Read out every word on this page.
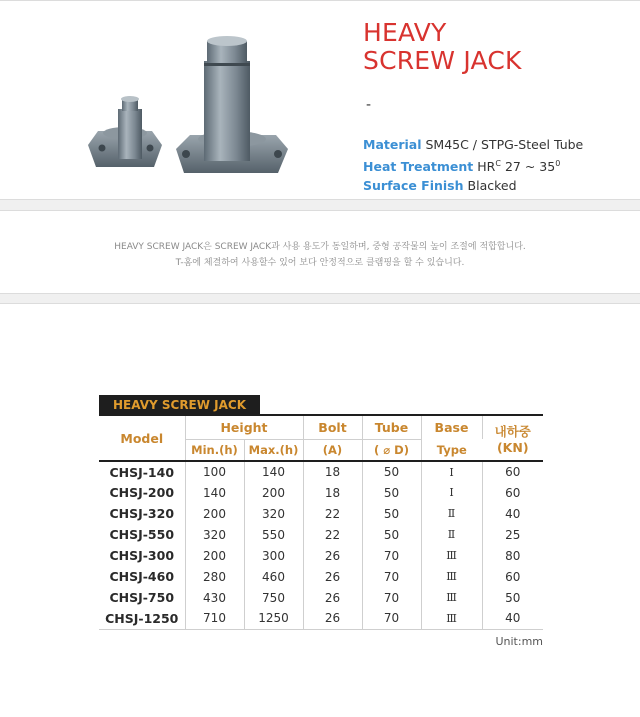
HEAVY
SCREW JACK
-
Material SM45C / STPG-Steel Tube
Heat Treatment $HR^C$ 27 ~ $35^0$
Surface Finish Blacked
HEAVY SCREW JACK은 SCREW JACK과 사용 용도가 동일하며, 중형 공작물의 높이 조절에 적합합니다.
T-홈에 체결하여 사용할수 있어 보다 안정적으로 클램핑을 할 수 있습니다.
HEAVY SCREW JACK
Model	Height		Bolt	Tube	Base	내하중(KN)
	Min.(h)	Max.(h)	(A)	( ⌀ D)	Type	
CHSJ-140	100	140	18	50	Ⅰ	60
CHSJ-200	140	200	18	50	Ⅰ	60
CHSJ-320	200	320	22	50	Ⅱ	40
CHSJ-550	320	550	22	50	Ⅱ	25
CHSJ-300	200	300	26	70	Ⅲ	80
CHSJ-460	280	460	26	70	Ⅲ	60
CHSJ-750	430	750	26	70	Ⅲ	50
CHSJ-1250	710	1250	26	70	Ⅲ	40
Unit:mm
